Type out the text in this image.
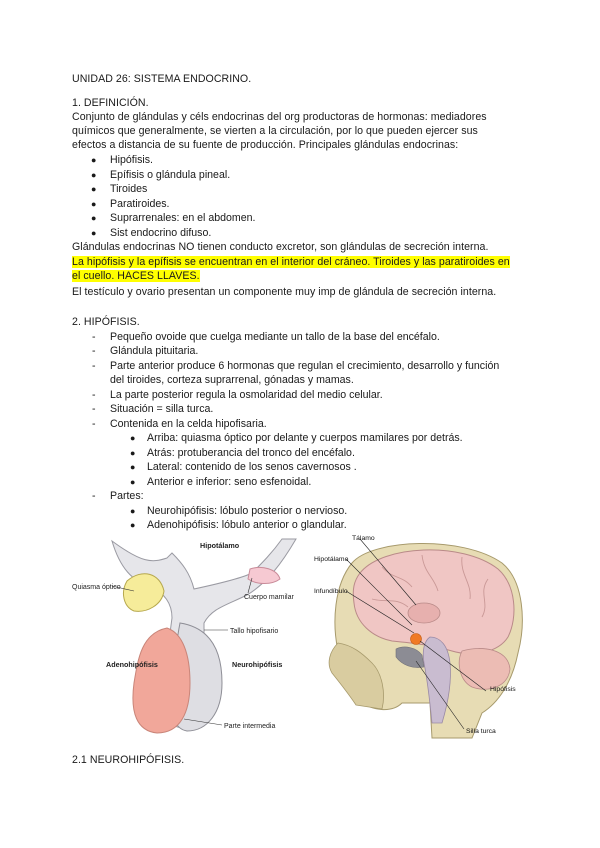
UNIDAD 26: SISTEMA ENDOCRINO.
1. DEFINICIÓN.
Conjunto de glándulas y céls endocrinas del org productoras de hormonas: mediadores
químicos que generalmente, se vierten a la circulación, por lo que pueden ejercer sus
efectos a distancia de su fuente de producción. Principales glándulas endocrinas:
● Hipófisis.
● Epífisis o glándula pineal.
● Tiroides
● Paratiroides.
● Suprarrenales: en el abdomen.
● Sist endocrino difuso.
Glándulas endocrinas NO tienen conducto excretor, son glándulas de secreción interna.
La hipófisis y la epífisis se encuentran en el interior del cráneo. Tiroides y las paratiroides en
el cuello. HACES LLAVES.
El testículo y ovario presentan un componente muy imp de glándula de secreción interna.
2. HIPÓFISIS.
- Pequeño ovoide que cuelga mediante un tallo de la base del encéfalo.
- Glándula pituitaria.
- Parte anterior produce 6 hormonas que regulan el crecimiento, desarrollo y función
del tiroides, corteza suprarrenal, gónadas y mamas.
- La parte posterior regula la osmolaridad del medio celular.
- Situación = silla turca.
- Contenida en la celda hipofisaria.
● Arriba: quiasma óptico por delante y cuerpos mamilares por detrás.
● Atrás: protuberancia del tronco del encéfalo.
● Lateral: contenido de los senos cavernosos .
● Anterior e inferior: seno esfenoidal.
- Partes:
● Neurohipófisis: lóbulo posterior o nervioso.
● Adenohipófisis: lóbulo anterior o glandular.
Hipotálamo
Quiasma óptico
Cuerpo mamilar
Tallo hipofisario
Adenohipófisis	Neurohipófisis
Parte intermedia
Tálamo
Hipotálamo
Infundíbulo
Hipófisis
Silla turca
2.1 NEUROHIPÓFISIS.
